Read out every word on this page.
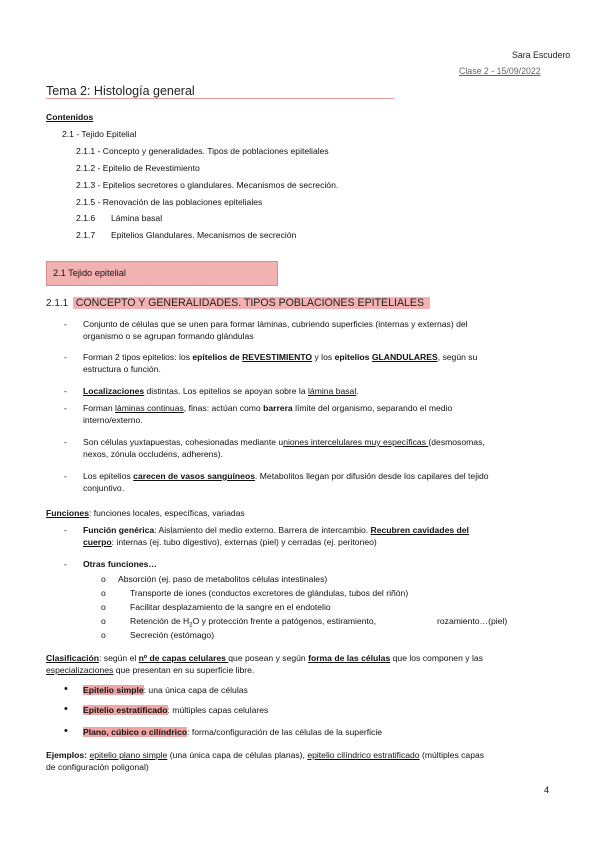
Sara Escudero
Clase 2 - 15/09/2022
Tema 2: Histología general
Contenidos
2.1 - Tejido Epitelial
2.1.1 - Concepto y generalidades. Tipos de poblaciones epiteliales
2.1.2 - Epitelio de Revestimiento
2.1.3 - Epitelios secretores o glandulares. Mecanismos de secreción.
2.1.5 - Renovación de las poblaciones epiteliales
2.1.6 Lámina basal
2.1.7 Epitelios Glandulares. Mecanismos de secreción
2.1 Tejido epitelial
2.1.1 CONCEPTO Y GENERALIDADES. TIPOS POBLACIONES EPITELIALES
- Conjunto de células que se unen para formar láminas, cubriendo superficies (internas y externas) del
organismo o se agrupan formando glándulas
- Forman 2 tipos epitelios: los epitelios de REVESTIMIENTO y los epitelios GLANDULARES, según su
estructura o función.
- Localizaciones distintas. Los epitelios se apoyan sobre la lámina basal.
- Forman láminas continuas, finas: actúan como barrera límite del organismo, separando el medio
interno/externo.
- Son células yuxtapuestas, cohesionadas mediante uniones intercelulares muy específicas (desmosomas,
nexos, zónula occludens, adherens).
- Los epitelios carecen de vasos sanguíneos. Metabolitos llegan por difusión desde los capilares del tejido
conjuntivo.
Funciones: funciones locales, específicas, variadas
- Función genérica: Aislamiento del medio externo. Barrera de intercambio. Recubren cavidades del
cuerpo: internas (ej. tubo digestivo), externas (piel) y cerradas (ej. peritoneo)
- Otras funciones…
o Absorción (ej. paso de metabolitos células intestinales)
o	Transporte de iones (conductos excretores de glándulas, tubos del riñón)
o	Facilitar desplazamiento de la sangre en el endotelio
o	Retención de $H_2O$ y protección frente a patógenos, estiramiento,	rozamiento…(piel)
o	Secreción (estómago)
Clasificación: según el nº de capas celulares que posean y según forma de las células que los componen y las
especializaciones que presentan en su superficie libre.
• Epitelio simple: una única capa de células
• Epitelio estratificado: múltiples capas celulares
• Plano, cúbico o cilíndrico: forma/configuración de las células de la superficie
Ejemplos: epitelio plano simple (una única capa de células planas), epitelio cilíndrico estratificado (múltiples capas
de configuración poligonal)
4
